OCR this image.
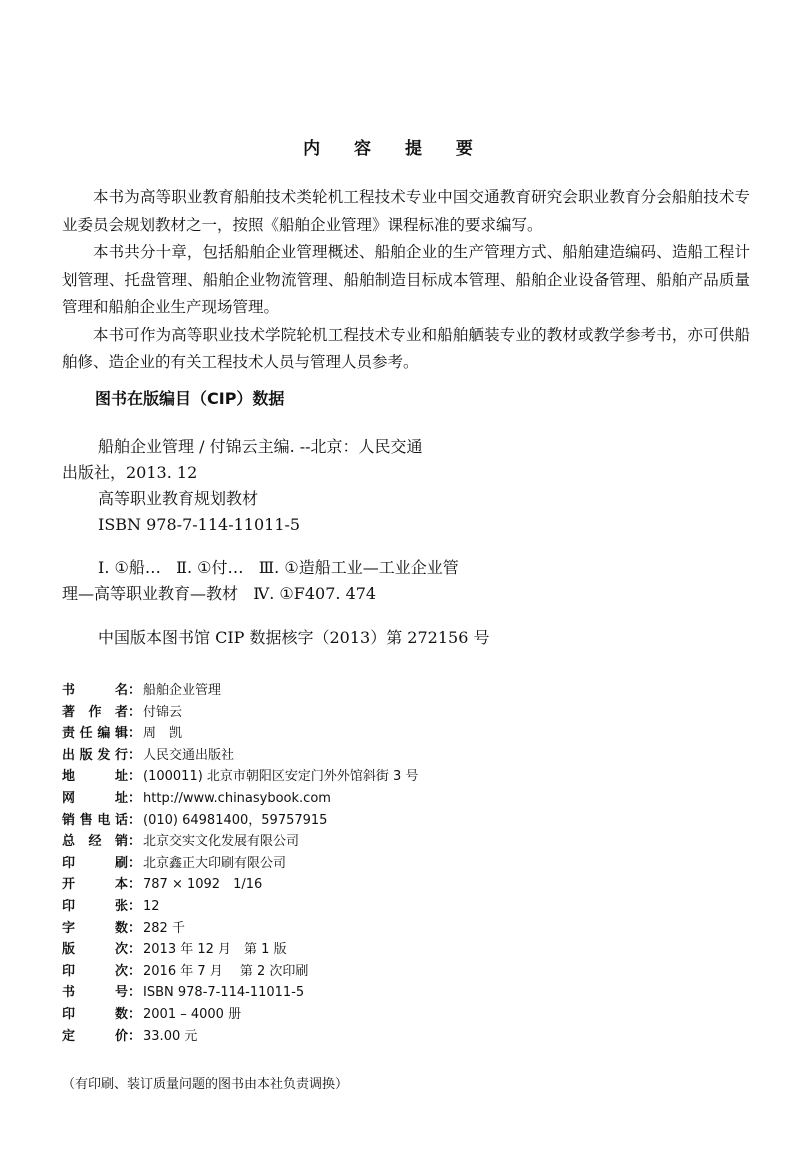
内 容 提 要

本书为高等职业教育船舶技术类轮机工程技术专业中国交通教育研究会职业教育分会船舶技术专业委员会规划教材之一，按照《船舶企业管理》课程标准的要求编写。

本书共分十章，包括船舶企业管理概述、船舶企业的生产管理方式、船舶建造编码、造船工程计划管理、托盘管理、船舶企业物流管理、船舶制造目标成本管理、船舶企业设备管理、船舶产品质量管理和船舶企业生产现场管理。

本书可作为高等职业技术学院轮机工程技术专业和船舶舾装专业的教材或教学参考书，亦可供船舶修、造企业的有关工程技术人员与管理人员参考。

图书在版编目（CIP）数据
船舶企业管理 / 付锦云主编. --北京：人民交通
出版社，2013. 12
高等职业教育规划教材
ISBN 978-7-114-11011-5
Ⅰ. ①船…   Ⅱ. ①付…   Ⅲ. ①造船工业—工业企业管
理—高等职业教育—教材   Ⅳ. ①F407. 474
中国版本图书馆 CIP 数据核字（2013）第 272156 号
书名： 船舶企业管理
著作者： 付锦云
责任编辑： 周　凯
出版发行： 人民交通出版社
地址： (100011) 北京市朝阳区安定门外外馆斜街 3 号
网址： http://www.chinasybook.com
销售电话： (010) 64981400，59757915
总经销： 北京交实文化发展有限公司
印刷： 北京鑫正大印刷有限公司
开本： 787 × 1092　1/16
印张： 12
字数： 282 千
版次： 2013 年 12 月　第 1 版
印次： 2016 年 7 月　 第 2 次印刷
书号： ISBN 978-7-114-11011-5
印数： 2001 – 4000 册
定价： 33.00 元
（有印刷、装订质量问题的图书由本社负责调换）
